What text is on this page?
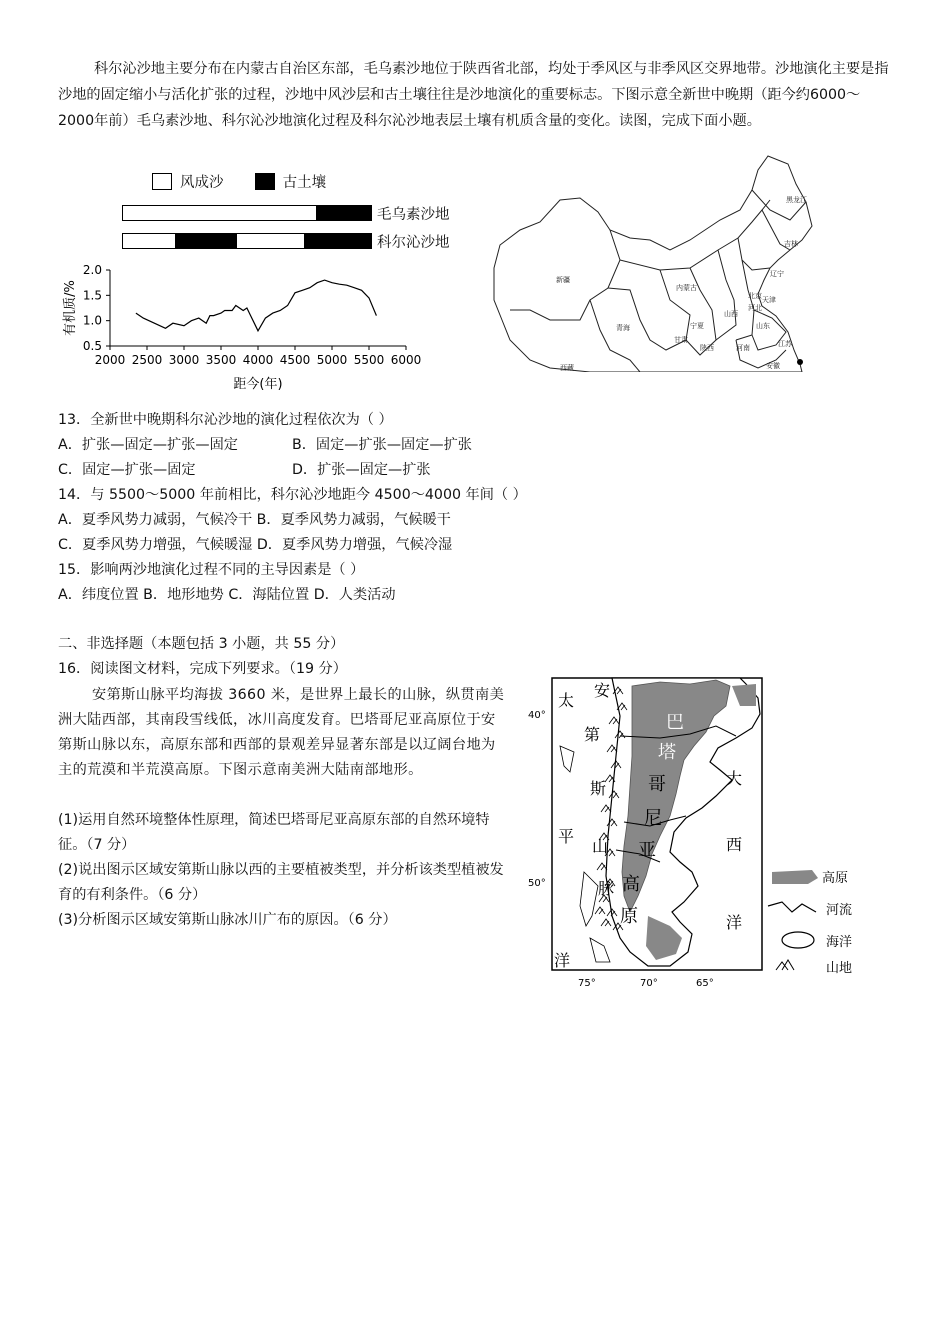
科尔沁沙地主要分布在内蒙古自治区东部，毛乌素沙地位于陕西省北部，均处于季风区与非季风区交界地带。沙地演化主要是指沙地的固定缩小与活化扩张的过程，沙地中风沙层和古土壤往往是沙地演化的重要标志。下图示意全新世中晚期（距今约6000～2000年前）毛乌素沙地、科尔沁沙地演化过程及科尔沁沙地表层土壤有机质含量的变化。读图，完成下面小题。
风成沙	古土壤
毛乌素沙地
科尔沁沙地
0.5
1.0
1.5
2.0
2000 2500 3000 3500 4000 4500 5000 5500 6000
有机质/%
距今(年)
黑龙江
吉林
辽宁
新疆
内蒙古
北京
河北
天津
山西
山东
青海	宁夏
甘肃
陕西	河南	江苏
安徽
西藏
13．全新世中晚期科尔沁沙地的演化过程依次为（ ）
A．扩张—固定—扩张—固定	B．固定—扩张—固定—扩张
C．固定—扩张—固定	D．扩张—固定—扩张
14．与 5500～5000 年前相比，科尔沁沙地距今 4500～4000 年间（ ）
A．夏季风势力减弱，气候冷干 B．夏季风势力减弱，气候暖干
C．夏季风势力增强，气候暖湿 D．夏季风势力增强，气候冷湿
15．影响两沙地演化过程不同的主导因素是（ ）
A．纬度位置 B．地形地势 C．海陆位置 D．人类活动
二、非选择题（本题包括 3 小题，共 55 分）
16．阅读图文材料，完成下列要求。（19 分）
安第斯山脉平均海拔 3660 米，是世界上最长的山脉，纵贯南美洲大陆西部，其南段雪线低，冰川高度发育。巴塔哥尼亚高原位于安第斯山脉以东，高原东部和西部的景观差异显著东部是以辽阔台地为主的荒漠和半荒漠高原。下图示意南美洲大陆南部地形。
(1)运用自然环境整体性原理，简述巴塔哥尼亚高原东部的自然环境特征。（7 分）
(2)说出图示区域安第斯山脉以西的主要植被类型，并分析该类型植被发育的有利条件。（6 分）
(3)分析图示区域安第斯山脉冰川广布的原因。（6 分）
太
平
洋
安
第
斯
山
脉
巴
塔
哥
尼
亚
高
原
大
西
洋
40°
50°
75°	70°	65°
高原
河流
海洋
山地
